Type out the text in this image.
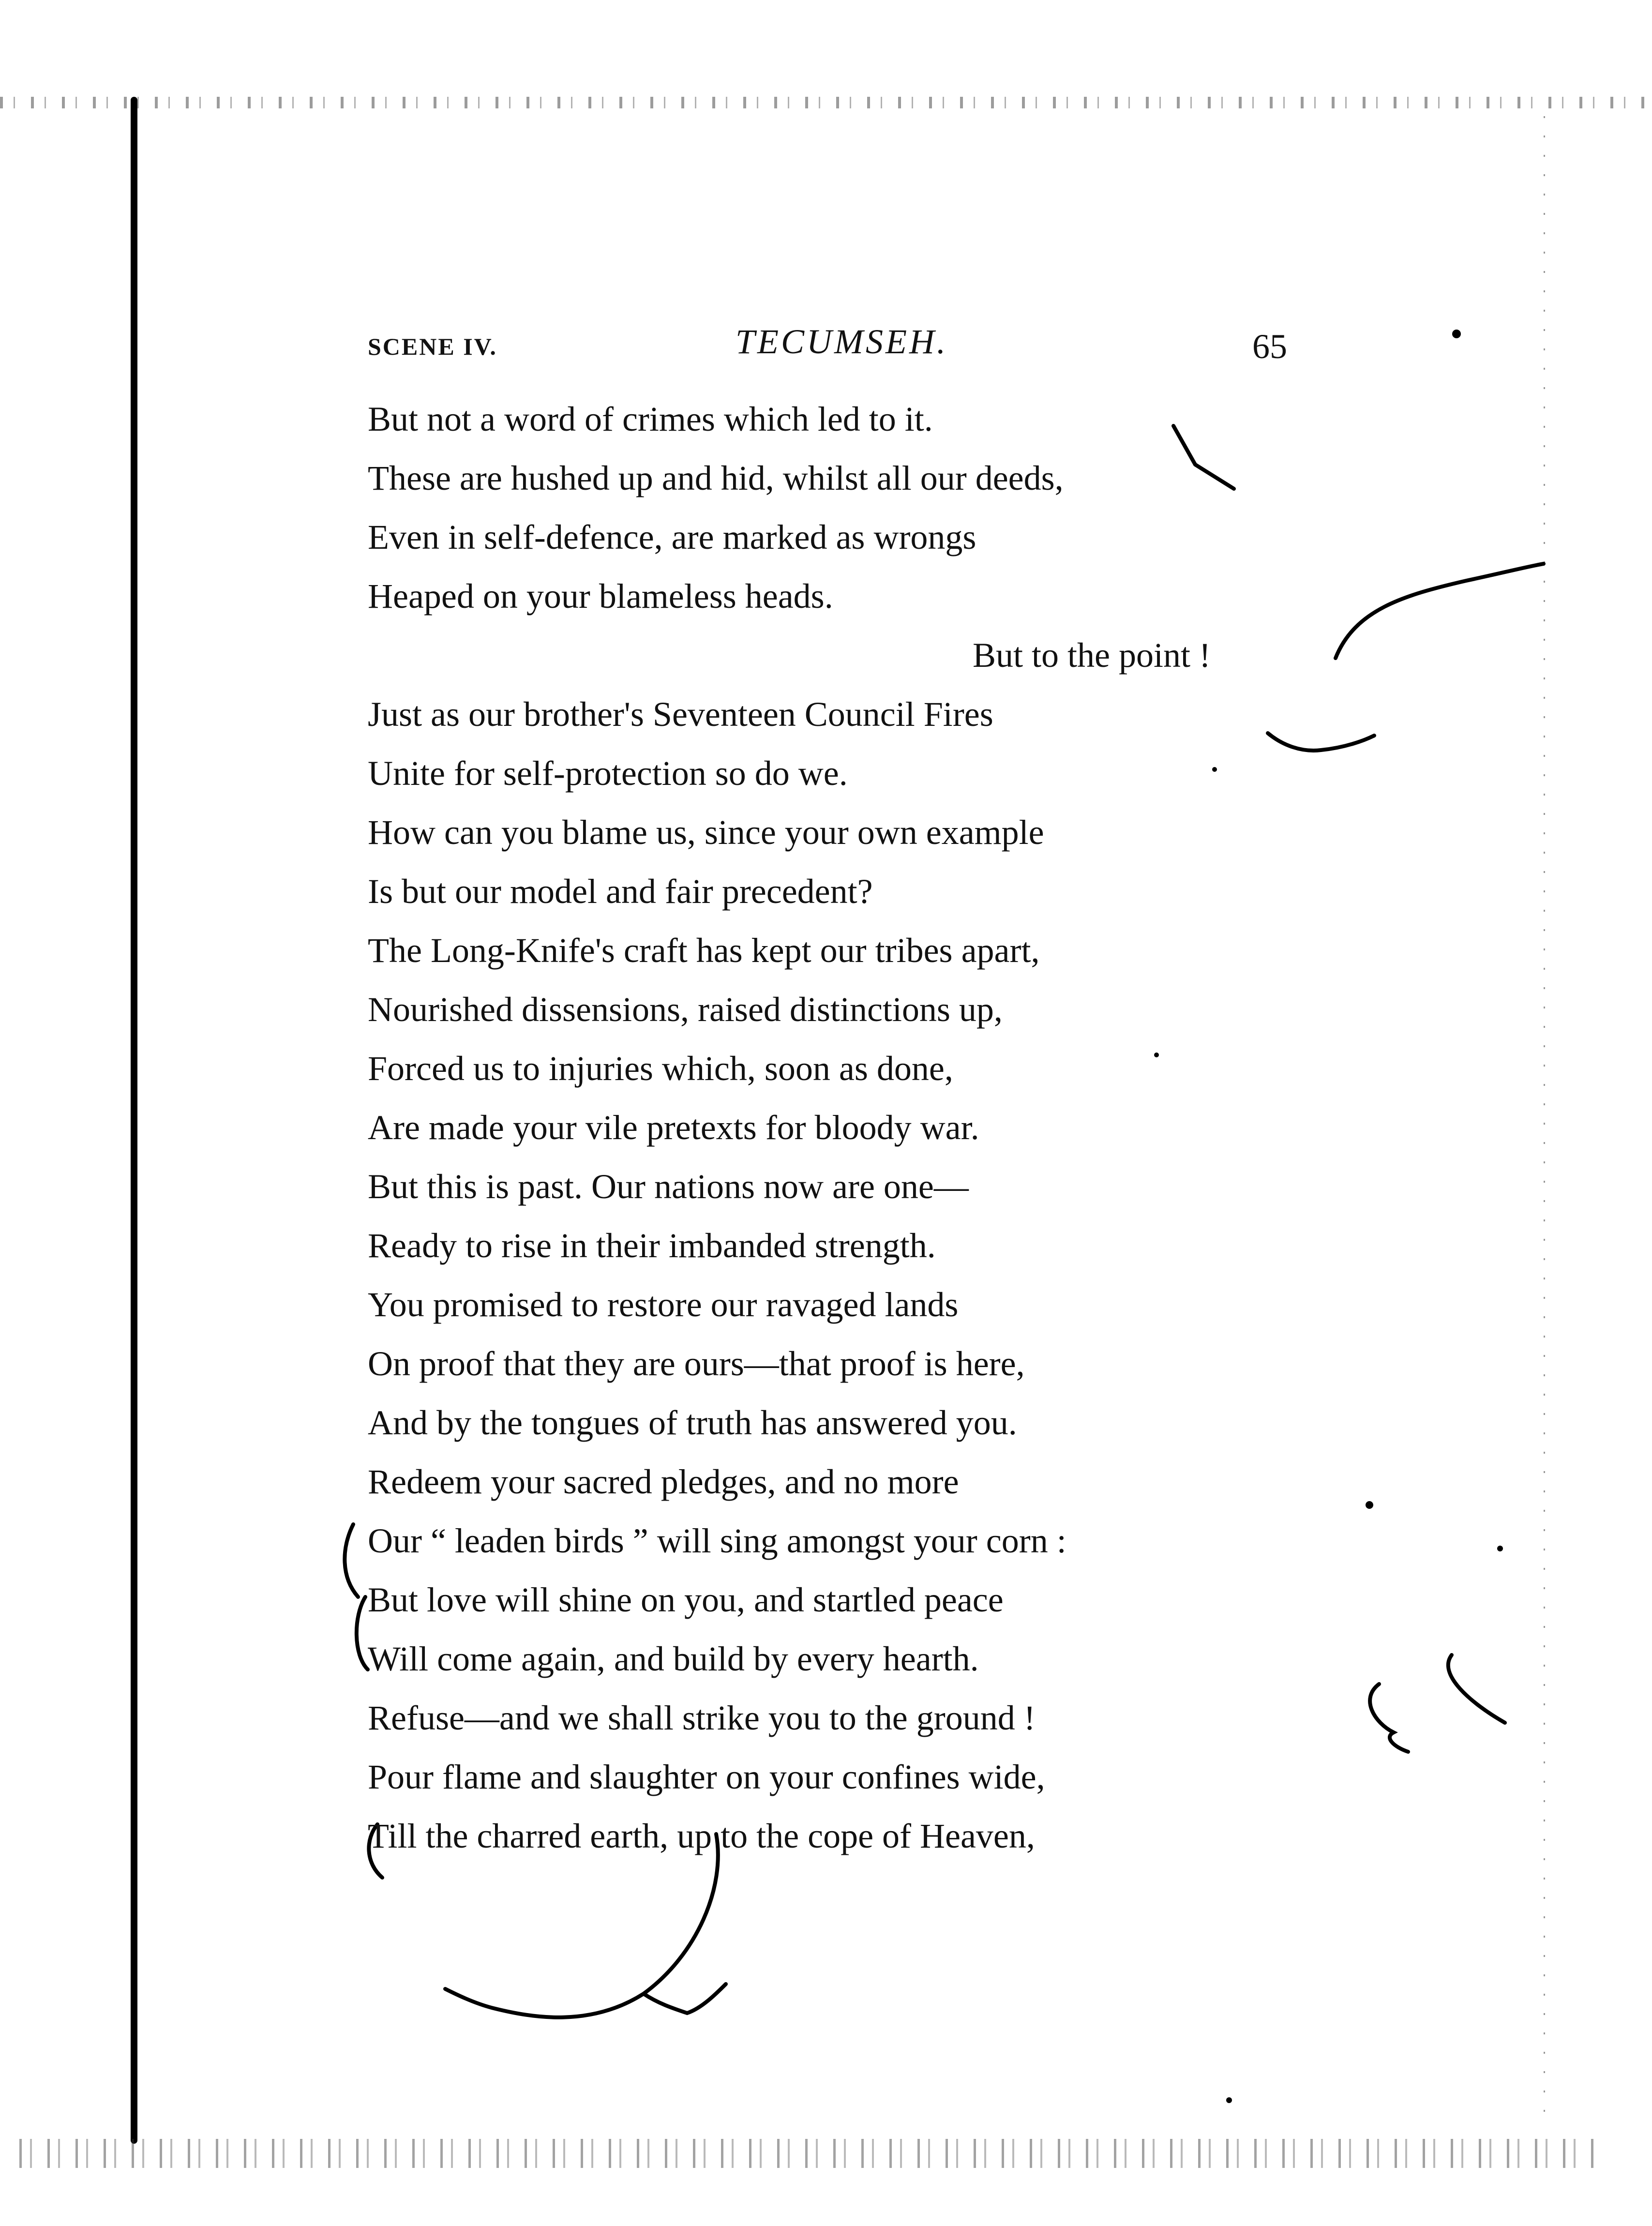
SCENE IV.	TECUMSEH.	65
But not a word of crimes which led to it.
These are hushed up and hid, whilst all our deeds,
Even in self-defence, are marked as wrongs
Heaped on your blameless heads.
But to the point !
Just as our brother's Seventeen Council Fires
Unite for self-protection so do we.
How can you blame us, since your own example
Is but our model and fair precedent?
The Long-Knife's craft has kept our tribes apart,
Nourished dissensions, raised distinctions up,
Forced us to injuries which, soon as done,
Are made your vile pretexts for bloody war.
But this is past. Our nations now are one—
Ready to rise in their imbanded strength.
You promised to restore our ravaged lands
On proof that they are ours—that proof is here,
And by the tongues of truth has answered you.
Redeem your sacred pledges, and no more
Our “ leaden birds ” will sing amongst your corn :
But love will shine on you, and startled peace
Will come again, and build by every hearth.
Refuse—and we shall strike you to the ground !
Pour flame and slaughter on your confines wide,
Till the charred earth, up to the cope of Heaven,
